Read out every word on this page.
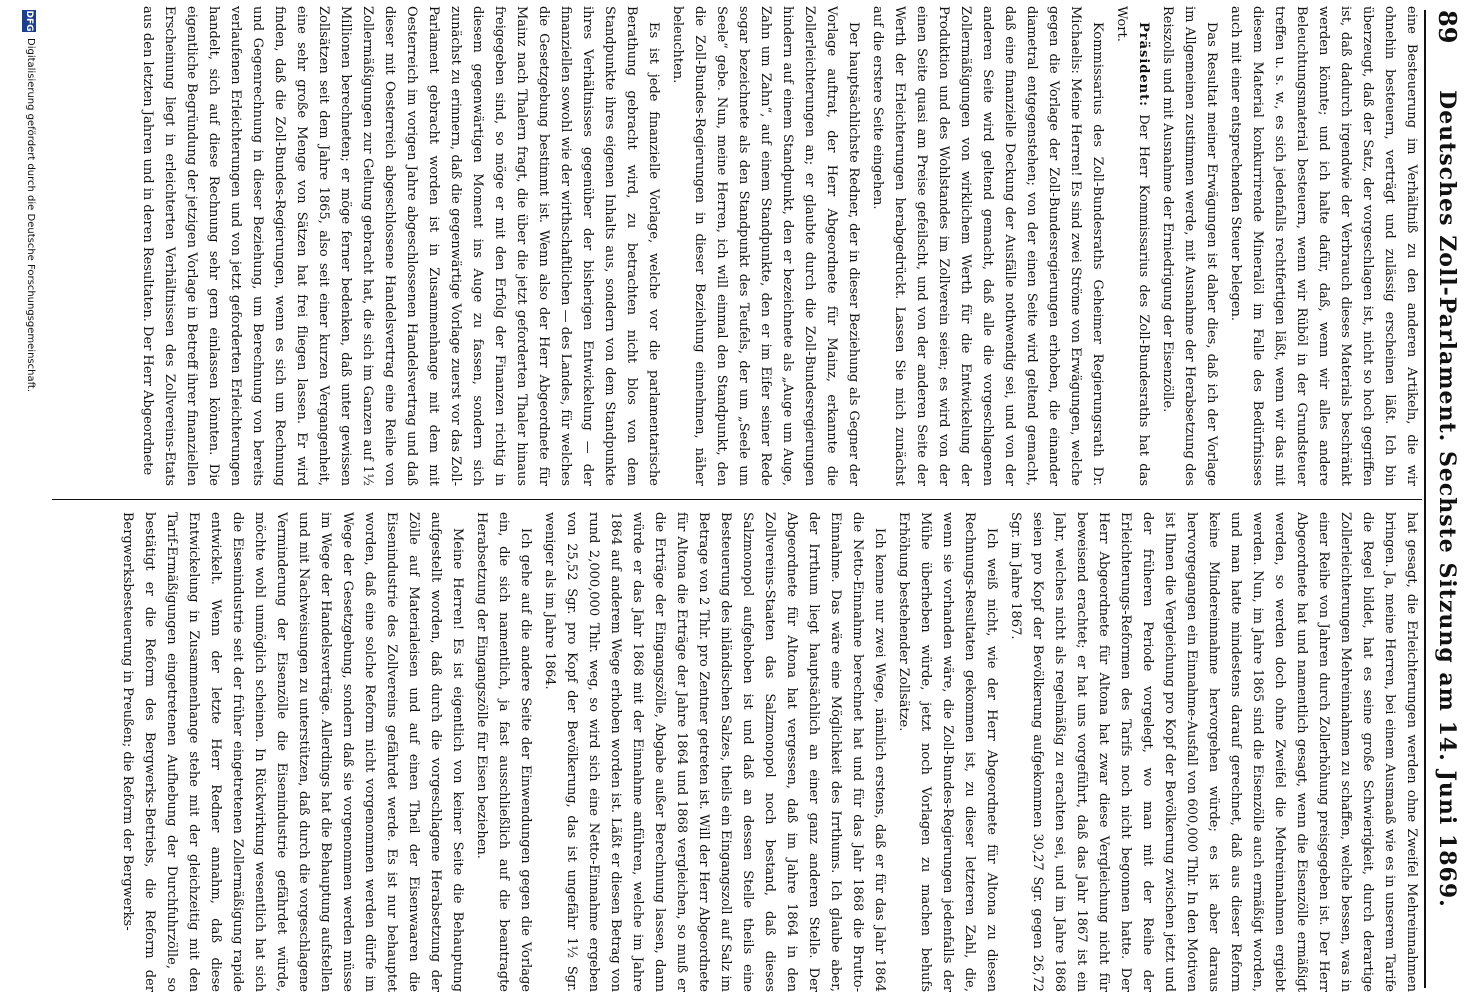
89
Deutsches Zoll-Parlament. Sechste Sitzung am 14. Juni 1869.

eine Besteuerung im Verhältniß zu den anderen Artikeln, die wir ohnehin besteuern, verträgt und zulässig erscheinen läßt. Ich bin überzeugt, daß der Satz, der vorgeschlagen ist, nicht so hoch gegriffen ist, daß dadurch irgendwie der Verbrauch dieses Materials beschränkt werden könnte; und ich halte dafür, daß, wenn wir alles andere Beleuchtungsmaterial besteuern, wenn wir Rüböl in der Grundsteuer treffen u. s. w., es sich jedenfalls rechtfertigen läßt, wenn wir das mit diesem Material konkurrirende Mineralöl im Falle des Bedürfnisses auch mit einer entsprechenden Steuer belegen.

Das Resultat meiner Erwägungen ist daher dies, daß ich der Vorlage im Allgemeinen zustimmen werde, mit Ausnahme der Herabsetzung des Reiszolls und mit Ausnahme der Erniedrigung der Eisenzölle.

Präsident: Der Herr Kommissarius des Zoll-Bundesraths hat das Wort.

Kommissarius des Zoll-Bundesraths Geheimer Regierungsrath Dr. Michaelis: Meine Herren! Es sind zwei Ströme von Erwägungen, welche gegen die Vorlage der Zoll-Bundesregierungen erhoben, die einander diametral entgegenstehen; von der einen Seite wird geltend gemacht, daß eine finanzielle Deckung der Ausfälle nothwendig sei, und von der anderen Seite wird geltend gemacht, daß alle die vorgeschlagenen Zollermäßigungen von wirklichem Werth für die Entwickelung der Produktion und des Wohlstandes im Zollverein seien; es wird von der einen Seite quasi am Preise gefeilscht, und von der anderen Seite der Werth der Erleichterungen herabgedrückt. Lassen Sie mich zunächst auf die erstere Seite eingehen.

Der hauptsächlichste Redner, der in dieser Beziehung als Gegner der Vorlage auftrat, der Herr Abgeordnete für Mainz, erkannte die Zollerleichterungen an; er glaubte durch die Zoll-Bundesregierungen hindern auf einem Standpunkt, den er bezeichnete als „Auge um Auge, Zahn um Zahn“, auf einem Standpunkte, den er im Eifer seiner Rede sogar bezeichnete als den Standpunkt des Teufels, der um „Seele um Seele“ gebe. Nun, meine Herren, ich will einmal den Standpunkt, den die Zoll-Bundes-Regierungen in dieser Beziehung einnehmen, näher beleuchten.

Es ist jede finanzielle Vorlage, welche vor die parlamentarische Berathung gebracht wird, zu betrachten nicht blos von dem Standpunkte ihres eigenen Inhalts aus, sondern von dem Standpunkte ihres Verhältnisses gegenüber der bisherigen Entwickelung — der finanziellen sowohl wie der wirthschaftlichen — des Landes, für welches die Gesetzgebung bestimmt ist. Wenn also der Herr Abgeordnete für Mainz nach Thalern fragt, die über die jetzt geforderten Thaler hinaus freigegeben sind, so möge er mit den Erfolg der Finanzen richtig in diesem gegenwärtigen Moment ins Auge zu fassen, sondern sich zunächst zu erinnern, daß die gegenwärtige Vorlage zuerst vor das Zoll-Parlament gebracht worden ist in Zusammenhange mit dem mit Oesterreich im vorigen Jahre abgeschlossenen Handelsvertrag und daß dieser mit Oesterreich abgeschlossene Handelsvertrag eine Reihe von Zollermäßigungen zur Geltung gebracht hat, die sich im Ganzen auf 1½ Millionen berechneten; er möge ferner bedenken, daß unter gewissen Zollsätzen seit dem Jahre 1865, also seit einer kurzen Vergangenheit, eine sehr große Menge von Sätzen hat frei fliegen lassen. Er wird finden, daß die Zoll-Bundes-Regierungen, wenn es sich um Rechnung und Gegenrechnung in dieser Beziehung, um Berechnung von bereits verlaufenen Erleichterungen und von jetzt geforderten Erleichterungen handelt, sich auf diese Rechnung sehr gern einlassen könnten. Die eigentliche Begründung der jetzigen Vorlage in Betreff ihrer finanziellen Erscheinung liegt in erleichterten Verhältnissen des Zollvereins-Etats aus den letzten Jahren und in deren Resultaten. Der Herr Abgeordnete

hat gesagt, die Erleichterungen werden ohne Zweifel Mehreinnahmen bringen. Ja, meine Herren, bei einem Ausmaaß wie es in unserem Tarife die Regel bildet, hat es seine große Schwierigkeit, durch derartige Zollerleichterungen Mehreinnahmen zu schaffen, welche bessen, was in einer Reihe von Jahren durch Zollerhöhung preisgegeben ist. Der Herr Abgeordnete hat und namentlich gesagt, wenn die Eisenzölle ermäßigt werden, so werden doch ohne Zweifel die Mehreinnahmen ergiebt werden. Nun, im Jahre 1865 sind die Eisenzölle auch ermäßigt worden, und man hatte mindestens darauf gerechnet, daß aus dieser Reform keine Mindereinnahme hervorgehen würde; es ist aber daraus hervorgegangen ein Einnahme-Ausfall von 600,000 Thlr. In den Motiven ist Ihnen die Vergleichung pro Kopf der Bevölkerung zwischen jetzt und der früheren Periode vorgelegt, wo man mit der Reihe der Erleichterungs-Reformen des Tarifs noch nicht begonnen hatte. Der Herr Abgeordnete für Altona hat zwar diese Vergleichung nicht für beweisend erachtet; er hat uns vorgeführt, daß das Jahr 1867 ist ein Jahr, welches nicht als regelmäßig zu erachten sei, und im Jahre 1868 seien pro Kopf der Bevölkerung aufgekommen 30,27 Sgr. gegen 26,72 Sgr. im Jahre 1867.

Ich weiß nicht, wie der Herr Abgeordnete für Altona zu diesen Rechnungs-Resultaten gekommen ist, zu dieser letzteren Zahl, die, wenn sie vorhanden wäre, die Zoll-Bundes-Regierungen jedenfalls der Mühe überheben würde, jetzt noch Vorlagen zu machen behufs Erhöhung bestehender Zollsätze.

Ich kenne nur zwei Wege, nämlich erstens, daß er für das Jahr 1864 die Netto-Einnahme berechnet hat und für das Jahr 1868 die Brutto-Einnahme. Das wäre eine Möglichkeit des Irrthums. Ich glaube aber, der Irrthum liegt hauptsächlich an einer ganz anderen Stelle. Der Abgeordnete für Altona hat vergessen, daß im Jahre 1864 in den Zollvereins-Staaten das Salzmonopol noch bestand, daß dieses Salzmonopol aufgehoben ist und daß an dessen Stelle theils eine Besteuerung des inländischen Salzes, theils ein Eingangszoll auf Salz im Betrage von 2 Thlr. pro Zentner getreten ist. Will der Herr Abgeordnete für Altona die Erträge der Jahre 1864 und 1868 vergleichen, so muß er die Erträge der Eingangszölle, Abgabe außer Berechnung lassen, dann würde er das Jahr 1868 mit der Einnahme anführen, welche im Jahre 1864 auf anderem Wege erhoben worden ist. Läßt er diesen Betrag von rund 2,000,000 Thlr. weg, so wird sich eine Netto-Einnahme ergeben von 25,52 Sgr. pro Kopf der Bevölkerung, das ist ungefähr 1½ Sgr. weniger als im Jahre 1864.

Ich gehe auf die andere Seite der Einwendungen gegen die Vorlage ein, die sich namentlich, ja fast ausschließlich auf die beantragte Herabsetzung der Eingangszölle für Eisen beziehen.

Meine Herren! Es ist eigentlich von keiner Seite die Behauptung aufgestellt worden, daß durch die vorgeschlagene Herabsetzung der Zölle auf Materialeisen und auf einen Theil der Eisenwaaren die Eisenindustrie des Zollvereins gefährdet werde. Es ist nur behauptet worden, daß eine solche Reform nicht vorgenommen werden dürfe im Wege der Gesetzgebung, sondern daß sie vorgenommen werden müsse im Wege der Handelsverträge. Allerdings hat die Behauptung aufstellen und mit Nachweisungen zu unterstützen, daß durch die vorgeschlagene Verminderung der Eisenzölle die Eisenindustrie gefährdet würde, möchte wohl unmöglich scheinen. In Rückwirkung wesentlich hat sich die Eisenindustrie seit der früher eingetretenen Zollermäßigung rapide entwickelt. Wenn der letzte Herr Redner annahm, daß diese Entwickelung in Zusammenhange stehe mit der gleichzeitig mit den Tarif-Ermäßigungen eingetretenen Aufhebung der Durchfuhrzölle, so bestätigt er die Reform des Bergwerks-Betriebs, die Reform der Bergwerksbesteuerung in Preußen; die Reform der Bergwerks-

DFG
Digitalisierung gefördert durch die Deutsche Forschungsgemeinschaft.
